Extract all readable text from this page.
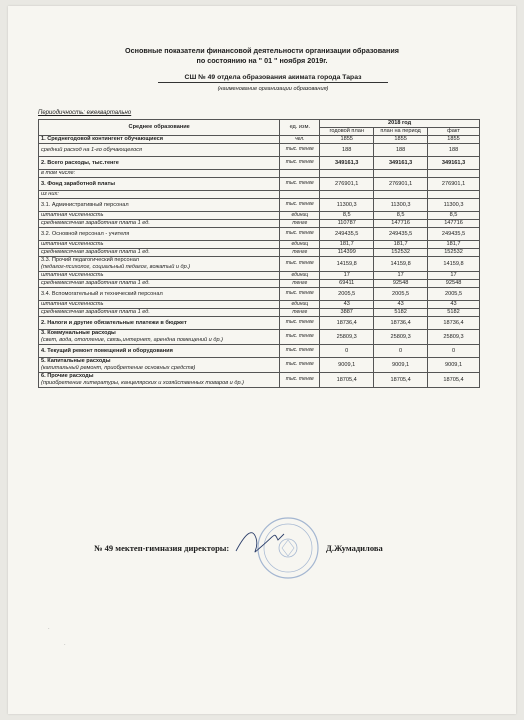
Основные показатели финансовой деятельности организации образования
по состоянию на " 01 " ноября 2019г.
СШ № 49 отдела образования акимата города Тараз
(наименование организации образования)
Периодичность: ежеквартально
Среднее образование	ед. изм.	2018 год		
		годовой план	план на период	факт
1. Среднегодовой контингент обучающиеся	чел.	1855	1855	1855
средний расход на 1-го обучающегося	тыс. тенге	188	188	188
2. Всего расходы, тыс.тенге	тыс. тенге	349161,3	349161,3	349161,3
в том числе:				
3. Фонд заработной платы	тыс. тенге	276901,1	276901,1	276901,1
из них:				
3.1. Административный персонал	тыс. тенге	11300,3	11300,3	11300,3
штатная численность	единиц	8,5	8,5	8,5
среднемесячная заработная плата 1 ед.	тенге	110787	147716	147716
3.2. Основной персонал - учителя	тыс. тенге	249435,5	249435,5	249435,5
штатная численность	единиц	181,7	181,7	181,7
среднемесячная заработная плата 1 ед.	тенге	114399	152532	152532
3.3. Прочий педагогический персонал
(педагог-психолог, социальный педагог, вожатый и др.)	тыс. тенге	14159,8	14159,8	14159,8
штатная численность	единиц	17	17	17
среднемесячная заработная плата 1 ед.	тенге	69411	92548	92548
3.4. Вспомогательный и технический персонал	тыс. тенге	2005,5	2005,5	2005,5
штатная численность	единиц	43	43	43
среднемесячная заработная плата 1 ед.	тенге	3887	5182	5182
2. Налоги и другие обязательные платежи в бюджет	тыс. тенге	18736,4	18736,4	18736,4
3. Коммунальные расходы
(свет, вода, отопление, связь,интернет, арендна помещений и др.)	тыс. тенге	25809,3	25809,3	25809,3
4. Текущий ремонт помещений и оборудования	тыс. тенге	0	0	0
5. Капитальные расходы
(капитальный ремонт, приобретение основных средств)	тыс. тенге	9009,1	9009,1	9009,1
6. Прочие расходы
(приобретение литературы, канцелярских и хозяйственных товаров и др.)	тыс. тенге	18705,4	18705,4	18705,4
№ 49 мектеп-гимназия директоры:	Д.Жумадилова
·
·
